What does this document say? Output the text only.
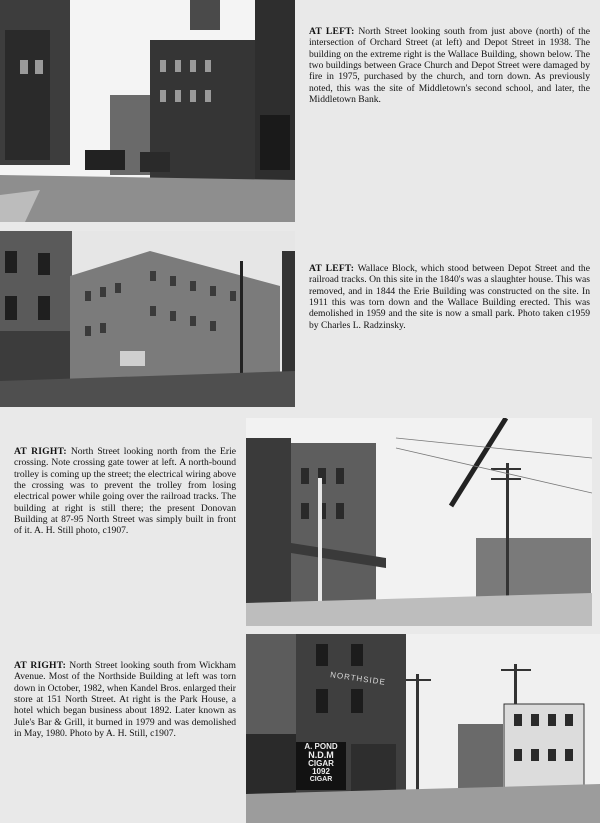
AT LEFT: North Street looking south from just above (north) of the intersection of Orchard Street (at left) and Depot Street in 1938. The building on the extreme right is the Wallace Building, shown below. The two buildings between Grace Church and Depot Street were damaged by fire in 1975, purchased by the church, and torn down. As previously noted, this was the site of Middletown's second school, and later, the Middletown Bank.
AT LEFT: Wallace Block, which stood between Depot Street and the railroad tracks. On this site in the 1840's was a slaughter house. This was removed, and in 1844 the Erie Building was constructed on the site. In 1911 this was torn down and the Wallace Building erected. This was demolished in 1959 and the site is now a small park. Photo taken c1959 by Charles L. Radzinsky.
AT RIGHT: North Street looking north from the Erie crossing. Note crossing gate tower at left. A north-bound trolley is coming up the street; the electrical wiring above the crossing was to prevent the trolley from losing electrical power while going over the railroad tracks. The building at right is still there; the present Donovan Building at 87-95 North Street was simply built in front of it. A. H. Still photo, c1907.
NORTHSIDE
A. POND
N.D.M
CIGAR
1092
CIGAR
AT RIGHT: North Street looking south from Wickham Avenue. Most of the Northside Building at left was torn down in October, 1982, when Kandel Bros. enlarged their store at 151 North Street. At right is the Park House, a hotel which began business about 1892. Later known as Jule's Bar & Grill, it burned in 1979 and was demolished in May, 1980. Photo by A. H. Still, c1907.
